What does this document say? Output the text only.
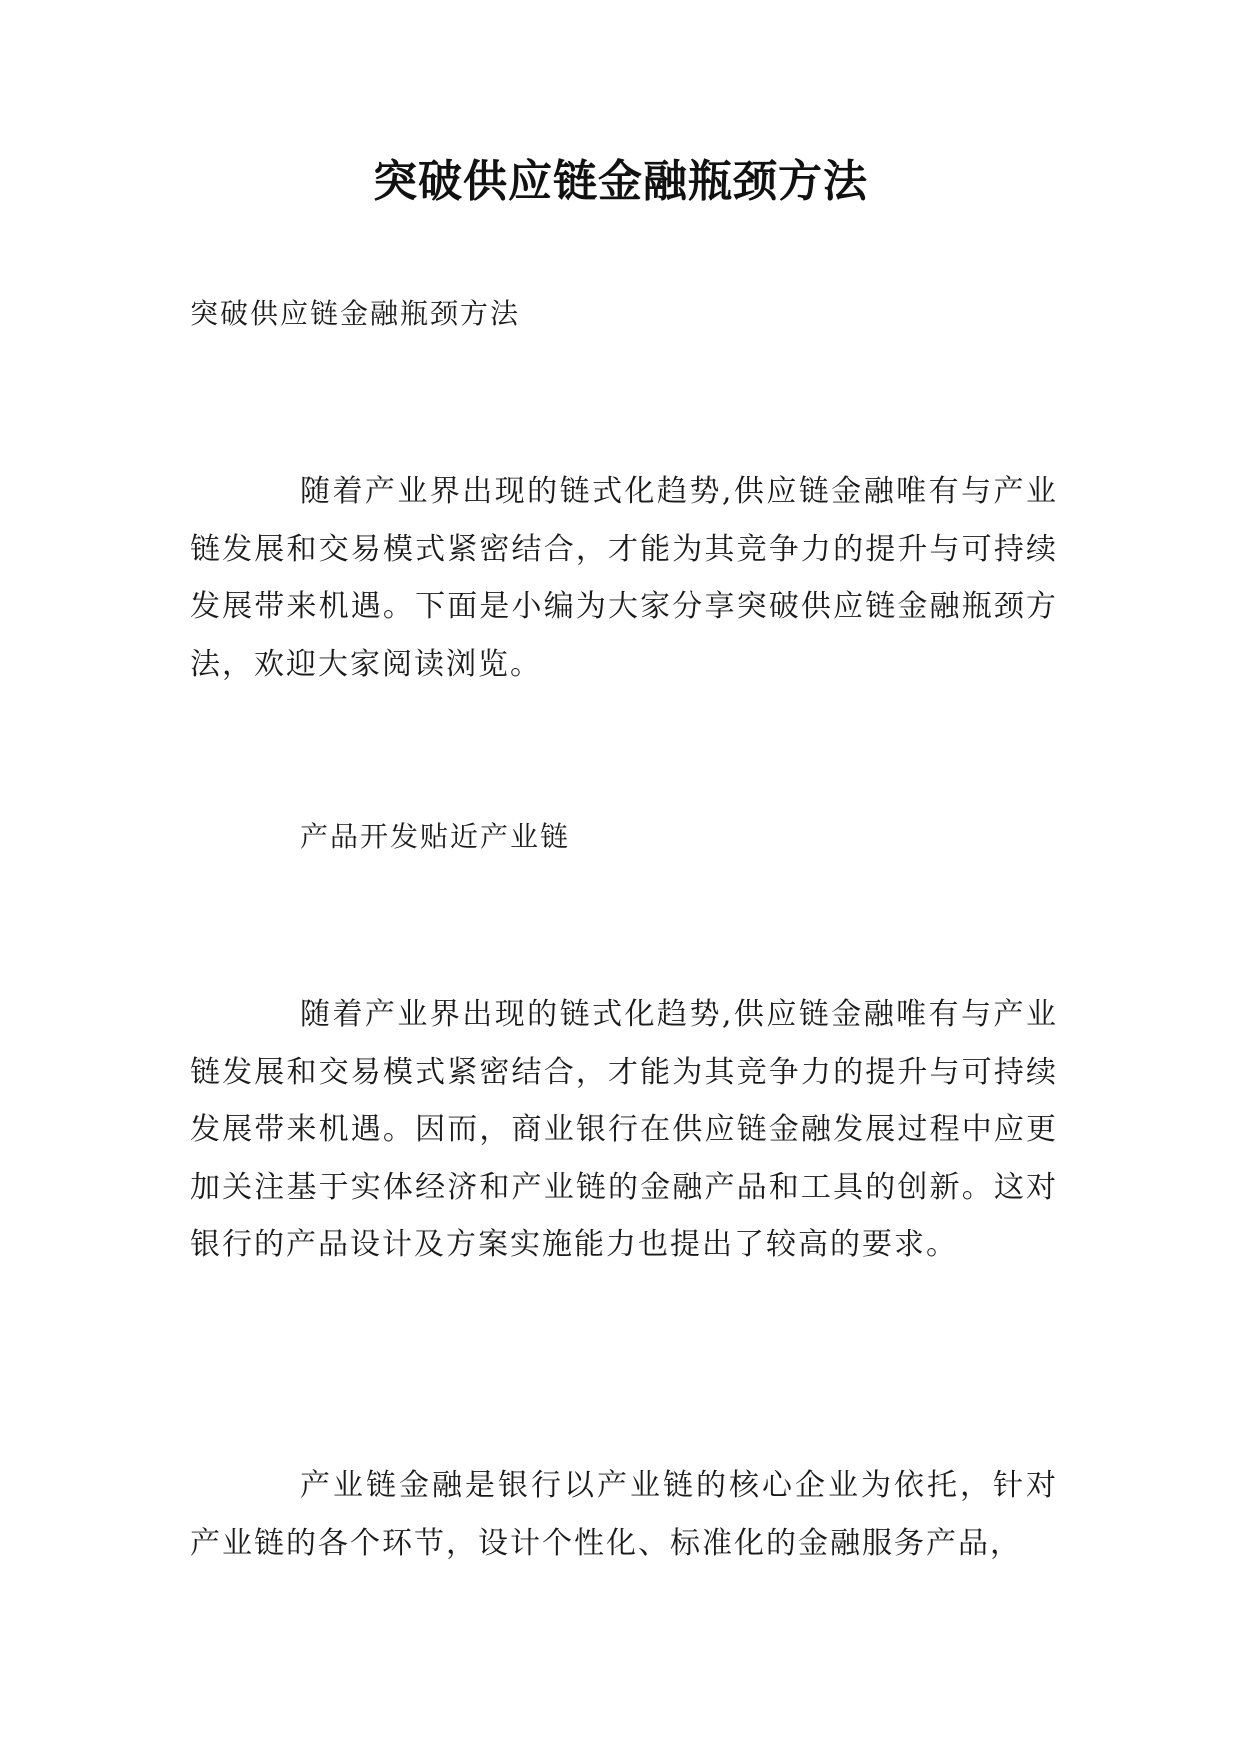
突破供应链金融瓶颈方法
突破供应链金融瓶颈方法

随着产业界出现的链式化趋势,供应链金融唯有与产业链发展和交易模式紧密结合，才能为其竞争力的提升与可持续发展带来机遇。下面是小编为大家分享突破供应链金融瓶颈方法，欢迎大家阅读浏览。

产品开发贴近产业链

随着产业界出现的链式化趋势,供应链金融唯有与产业链发展和交易模式紧密结合，才能为其竞争力的提升与可持续发展带来机遇。因而，商业银行在供应链金融发展过程中应更加关注基于实体经济和产业链的金融产品和工具的创新。这对银行的产品设计及方案实施能力也提出了较高的要求。

产业链金融是银行以产业链的核心企业为依托，针对产业链的各个环节，设计个性化、标准化的金融服务产品，
